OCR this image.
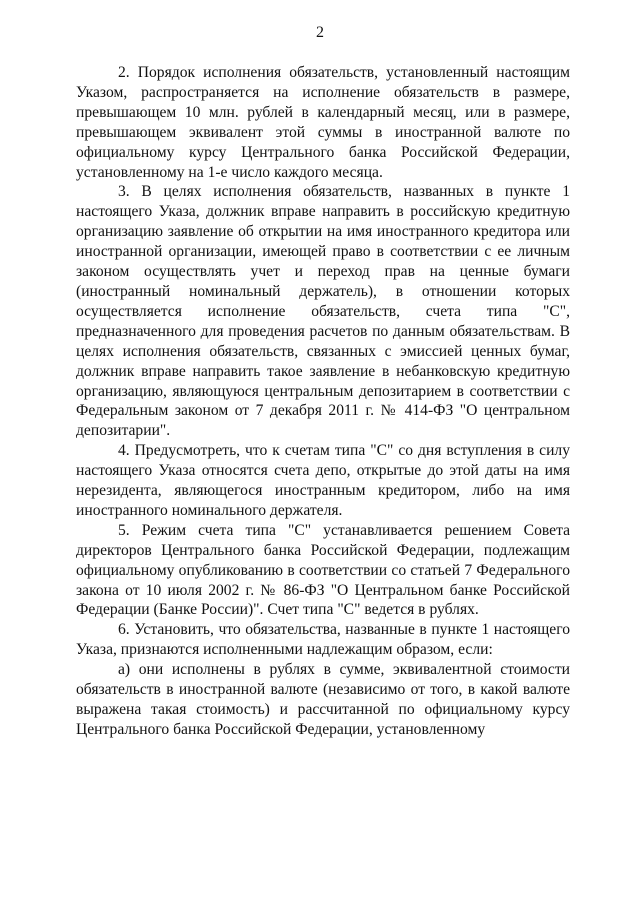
2

2. Порядок исполнения обязательств, установленный настоящим Указом, распространяется на исполнение обязательств в размере, превышающем 10 млн. рублей в календарный месяц, или в размере, превышающем эквивалент этой суммы в иностранной валюте по официальному курсу Центрального банка Российской Федерации, установленному на 1-е число каждого месяца.

3. В целях исполнения обязательств, названных в пункте 1 настоящего Указа, должник вправе направить в российскую кредитную организацию заявление об открытии на имя иностранного кредитора или иностранной организации, имеющей право в соответствии с ее личным законом осуществлять учет и переход прав на ценные бумаги (иностранный номинальный держатель), в отношении которых осуществляется исполнение обязательств, счета типа "С", предназначенного для проведения расчетов по данным обязательствам. В целях исполнения обязательств, связанных с эмиссией ценных бумаг, должник вправе направить такое заявление в небанковскую кредитную организацию, являющуюся центральным депозитарием в соответствии с Федеральным законом от 7 декабря 2011 г. № 414-ФЗ "О центральном депозитарии".

4. Предусмотреть, что к счетам типа "С" со дня вступления в силу настоящего Указа относятся счета депо, открытые до этой даты на имя нерезидента, являющегося иностранным кредитором, либо на имя иностранного номинального держателя.

5. Режим счета типа "С" устанавливается решением Совета директоров Центрального банка Российской Федерации, подлежащим официальному опубликованию в соответствии со статьей 7 Федерального закона от 10 июля 2002 г. № 86-ФЗ "О Центральном банке Российской Федерации (Банке России)". Счет типа "С" ведется в рублях.

6. Установить, что обязательства, названные в пункте 1 настоящего Указа, признаются исполненными надлежащим образом, если:

а) они исполнены в рублях в сумме, эквивалентной стоимости обязательств в иностранной валюте (независимо от того, в какой валюте выражена такая стоимость) и рассчитанной по официальному курсу Центрального банка Российской Федерации, установленному
